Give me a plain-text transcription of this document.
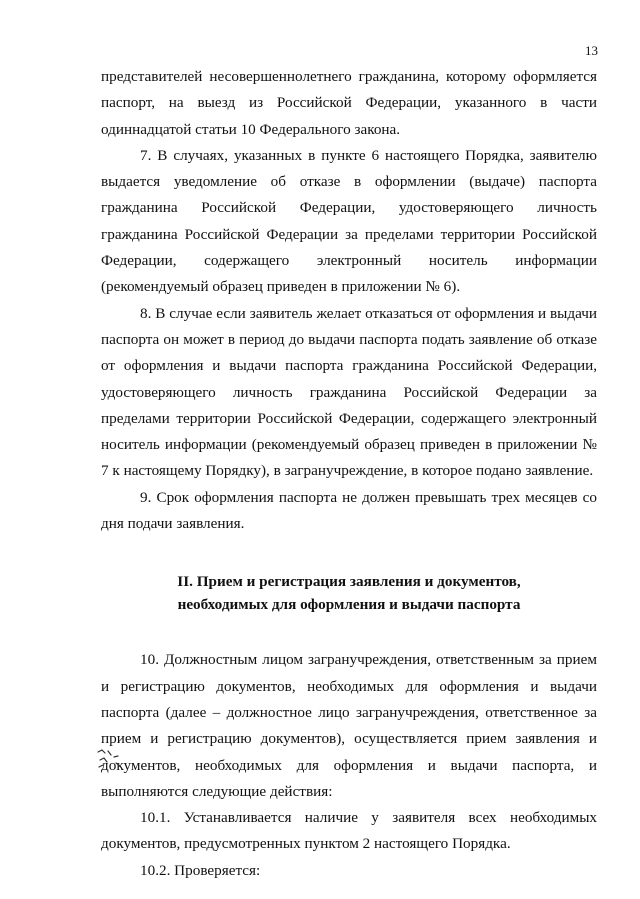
13

представителей несовершеннолетнего гражданина, которому оформляется паспорт, на выезд из Российской Федерации, указанного в части одиннадцатой статьи 10 Федерального закона.

7. В случаях, указанных в пункте 6 настоящего Порядка, заявителю выдается уведомление об отказе в оформлении (выдаче) паспорта гражданина Российской Федерации, удостоверяющего личность гражданина Российской Федерации за пределами территории Российской Федерации, содержащего электронный носитель информации (рекомендуемый образец приведен в приложении № 6).

8. В случае если заявитель желает отказаться от оформления и выдачи паспорта он может в период до выдачи паспорта подать заявление об отказе от оформления и выдачи паспорта гражданина Российской Федерации, удостоверяющего личность гражданина Российской Федерации за пределами территории Российской Федерации, содержащего электронный носитель информации (рекомендуемый образец приведен в приложении № 7 к настоящему Порядку), в загранучреждение, в которое подано заявление.

9. Срок оформления паспорта не должен превышать трех месяцев со дня подачи заявления.

II. Прием и регистрация заявления и документов,
необходимых для оформления и выдачи паспорта

10. Должностным лицом загранучреждения, ответственным за прием и регистрацию документов, необходимых для оформления и выдачи паспорта (далее – должностное лицо загранучреждения, ответственное за прием и регистрацию документов), осуществляется прием заявления и документов, необходимых для оформления и выдачи паспорта, и выполняются следующие действия:

10.1. Устанавливается наличие у заявителя всех необходимых документов, предусмотренных пунктом 2 настоящего Порядка.

10.2. Проверяется:
